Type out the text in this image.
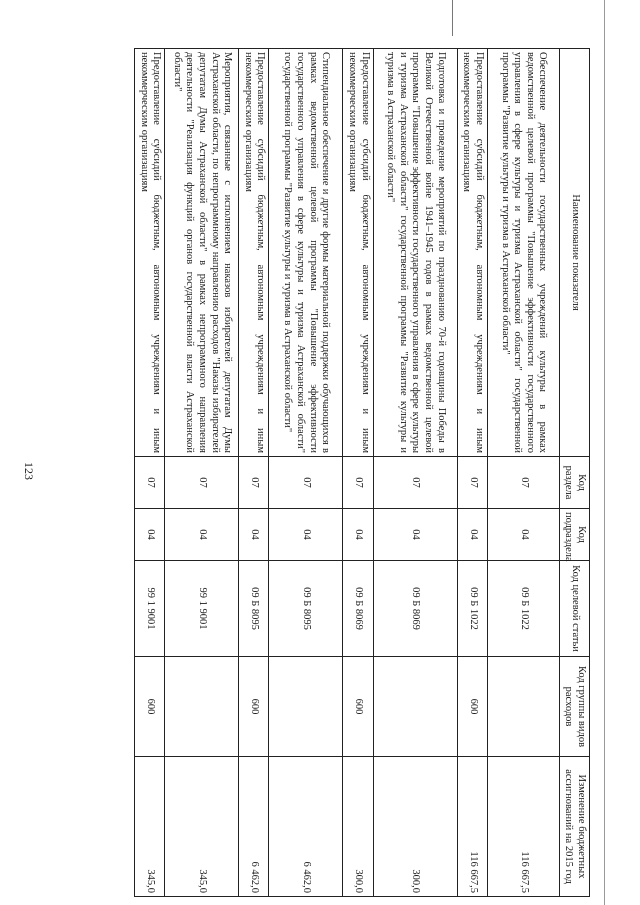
123
Наименование показателя	Код раздела	Код подраздела	Код целевой статьи	Код группы видов расходов	Изменение бюджетных ассигнований на 2015 год
Обеспечение деятельности государственных учреждений культуры в рамках ведомственной целевой программы "Повышение эффективности государственного управления в сфере культуры и туризма Астраханской области" государственной программы "Развитие культуры и туризма в Астраханской области"	07	04	09 Б 1022		116 667,5
Предоставление субсидий бюджетным, автономным учреждениям и иным некоммерческим организациям	07	04	09 Б 1022	600	116 667,5
Подготовка и проведение мероприятий по празднованию 70-й годовщины Победы в Великой Отечественной войне 1941–1945 годов в рамках ведомственной целевой программы "Повышение эффективности государственного управления в сфере культуры и туризма Астраханской области" государственной программы "Развитие культуры и туризма в Астраханской области"	07	04	09 Б 8069		300,0
Предоставление субсидий бюджетным, автономным учреждениям и иным некоммерческим организациям	07	04	09 Б 8069	600	300,0
Стипендиальное обеспечение и другие формы материальной поддержки обучающихся в рамках ведомственной целевой программы "Повышение эффективности государственного управления в сфере культуры и туризма Астраханской области" государственной программы "Развитие культуры и туризма в Астраханской области"	07	04	09 Б 8095		6 462,0
Предоставление субсидий бюджетным, автономным учреждениям и иным некоммерческим организациям	07	04	09 Б 8095	600	6 462,0
Мероприятия, связанные с исполнением наказов избирателей депутатам Думы Астраханской области, по непрограммному направлению расходов "Наказы избирателей депутатам Думы Астраханской области" в рамках непрограммного направления деятельности "Реализация функций органов государственной власти Астраханской области"	07	04	99 1 9001		345,0
Предоставление субсидий бюджетным, автономным учреждениям и иным некоммерческим организациям	07	04	99 1 9001	600	345,0
